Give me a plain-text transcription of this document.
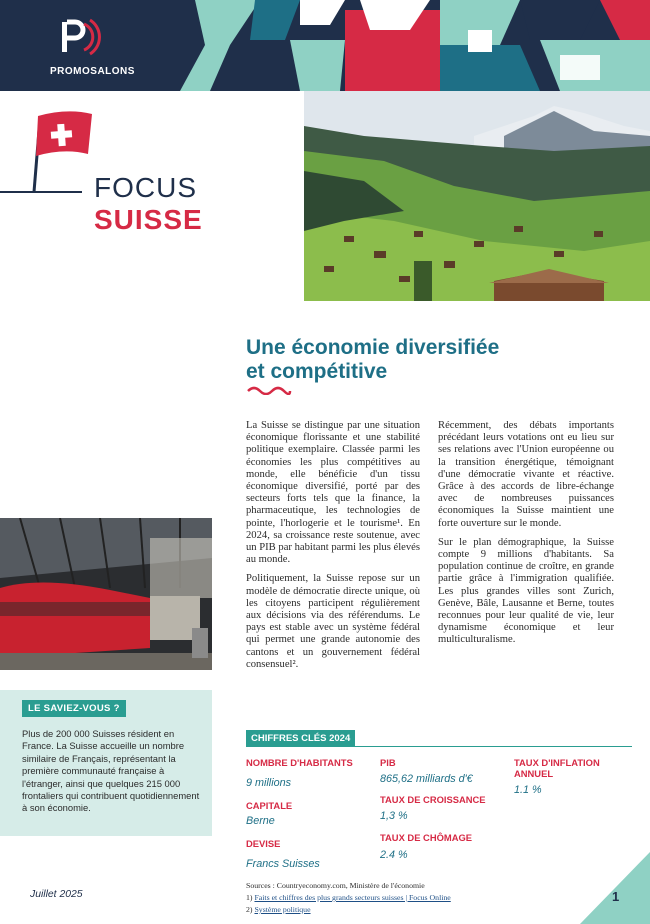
PROMOSALONS
FOCUS
SUISSE
Une économie diversifiée
et compétitive

La Suisse se distingue par une situation économique florissante et une stabilité politique exemplaire. Classée parmi les économies les plus compétitives au monde, elle bénéficie d'un tissu économique diversifié, porté par des secteurs forts tels que la finance, la pharmaceutique, les technologies de pointe, l'horlogerie et le tourisme¹. En 2024, sa croissance reste soutenue, avec un PIB par habitant parmi les plus élevés au monde.

Politiquement, la Suisse repose sur un modèle de démocratie directe unique, où les citoyens participent régulièrement aux décisions via des référendums. Le pays est stable avec un système fédéral qui permet une grande autonomie des cantons et un gouvernement fédéral consensuel².

Récemment, des débats importants précédant leurs votations ont eu lieu sur ses relations avec l'Union européenne ou la transition énergétique, témoignant d'une démocratie vivante et réactive. Grâce à des accords de libre-échange avec de nombreuses puissances économiques la Suisse maintient une forte ouverture sur le monde.

Sur le plan démographique, la Suisse compte 9 millions d'habitants. Sa population continue de croître, en grande partie grâce à l'immigration qualifiée. Les plus grandes villes sont Zurich, Genève, Bâle, Lausanne et Berne, toutes reconnues pour leur qualité de vie, leur dynamisme économique et leur multiculturalisme.

LE SAVIEZ-VOUS ?
Plus de 200 000 Suisses résident en France. La Suisse accueille un nombre similaire de Français, représentant la première communauté française à l'étranger, ainsi que quelques 215 000 frontaliers qui contribuent quotidiennement à son économie.
CHIFFRES CLÉS 2024
NOMBRE D'HABITANTS
9 millions
CAPITALE
Berne
DEVISE
Francs Suisses
PIB
865,62 milliards d'€
TAUX DE CROISSANCE
1,3 %
TAUX DE CHÔMAGE
2.4 %
TAUX D'INFLATION
ANNUEL
1.1 %
Juillet 2025
Sources : Countryeconomy.com, Ministère de l'économie
1) Faits et chiffres des plus grands secteurs suisses | Focus Online
2) Système politique
1
